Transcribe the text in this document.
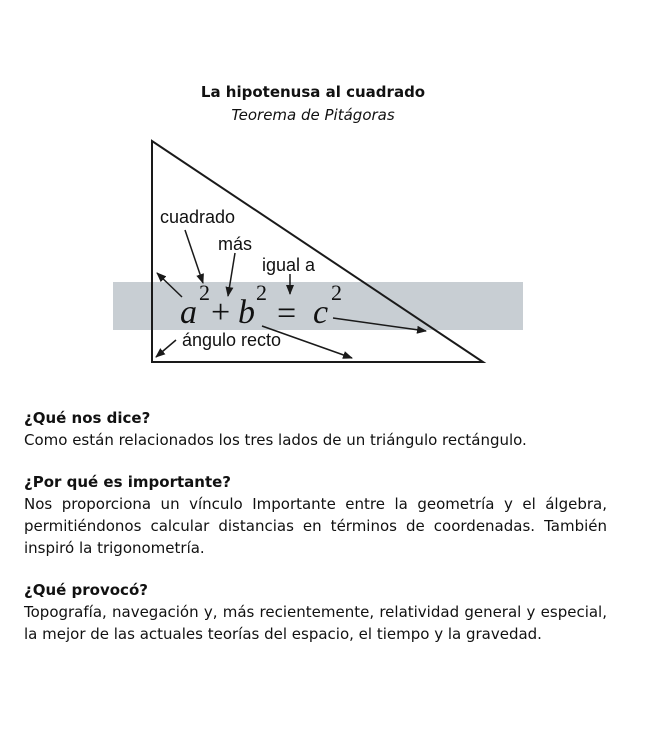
La hipotenusa al cuadrado
Teorema de Pitágoras
cuadrado
más
igual a
ángulo recto
a
2
+ b
2
= c
2
¿Qué nos dice?

Como están relacionados los tres lados de un triángulo rectángulo.

¿Por qué es importante?

Nos proporciona un vínculo Importante entre la geometría y el álgebra, permitiéndonos calcular distancias en términos de coordenadas. También inspiró la trigonometría.

¿Qué provocó?

Topografía, navegación y, más recientemente, relatividad general y especial, la mejor de las actuales teorías del espacio, el tiempo y la gravedad.
